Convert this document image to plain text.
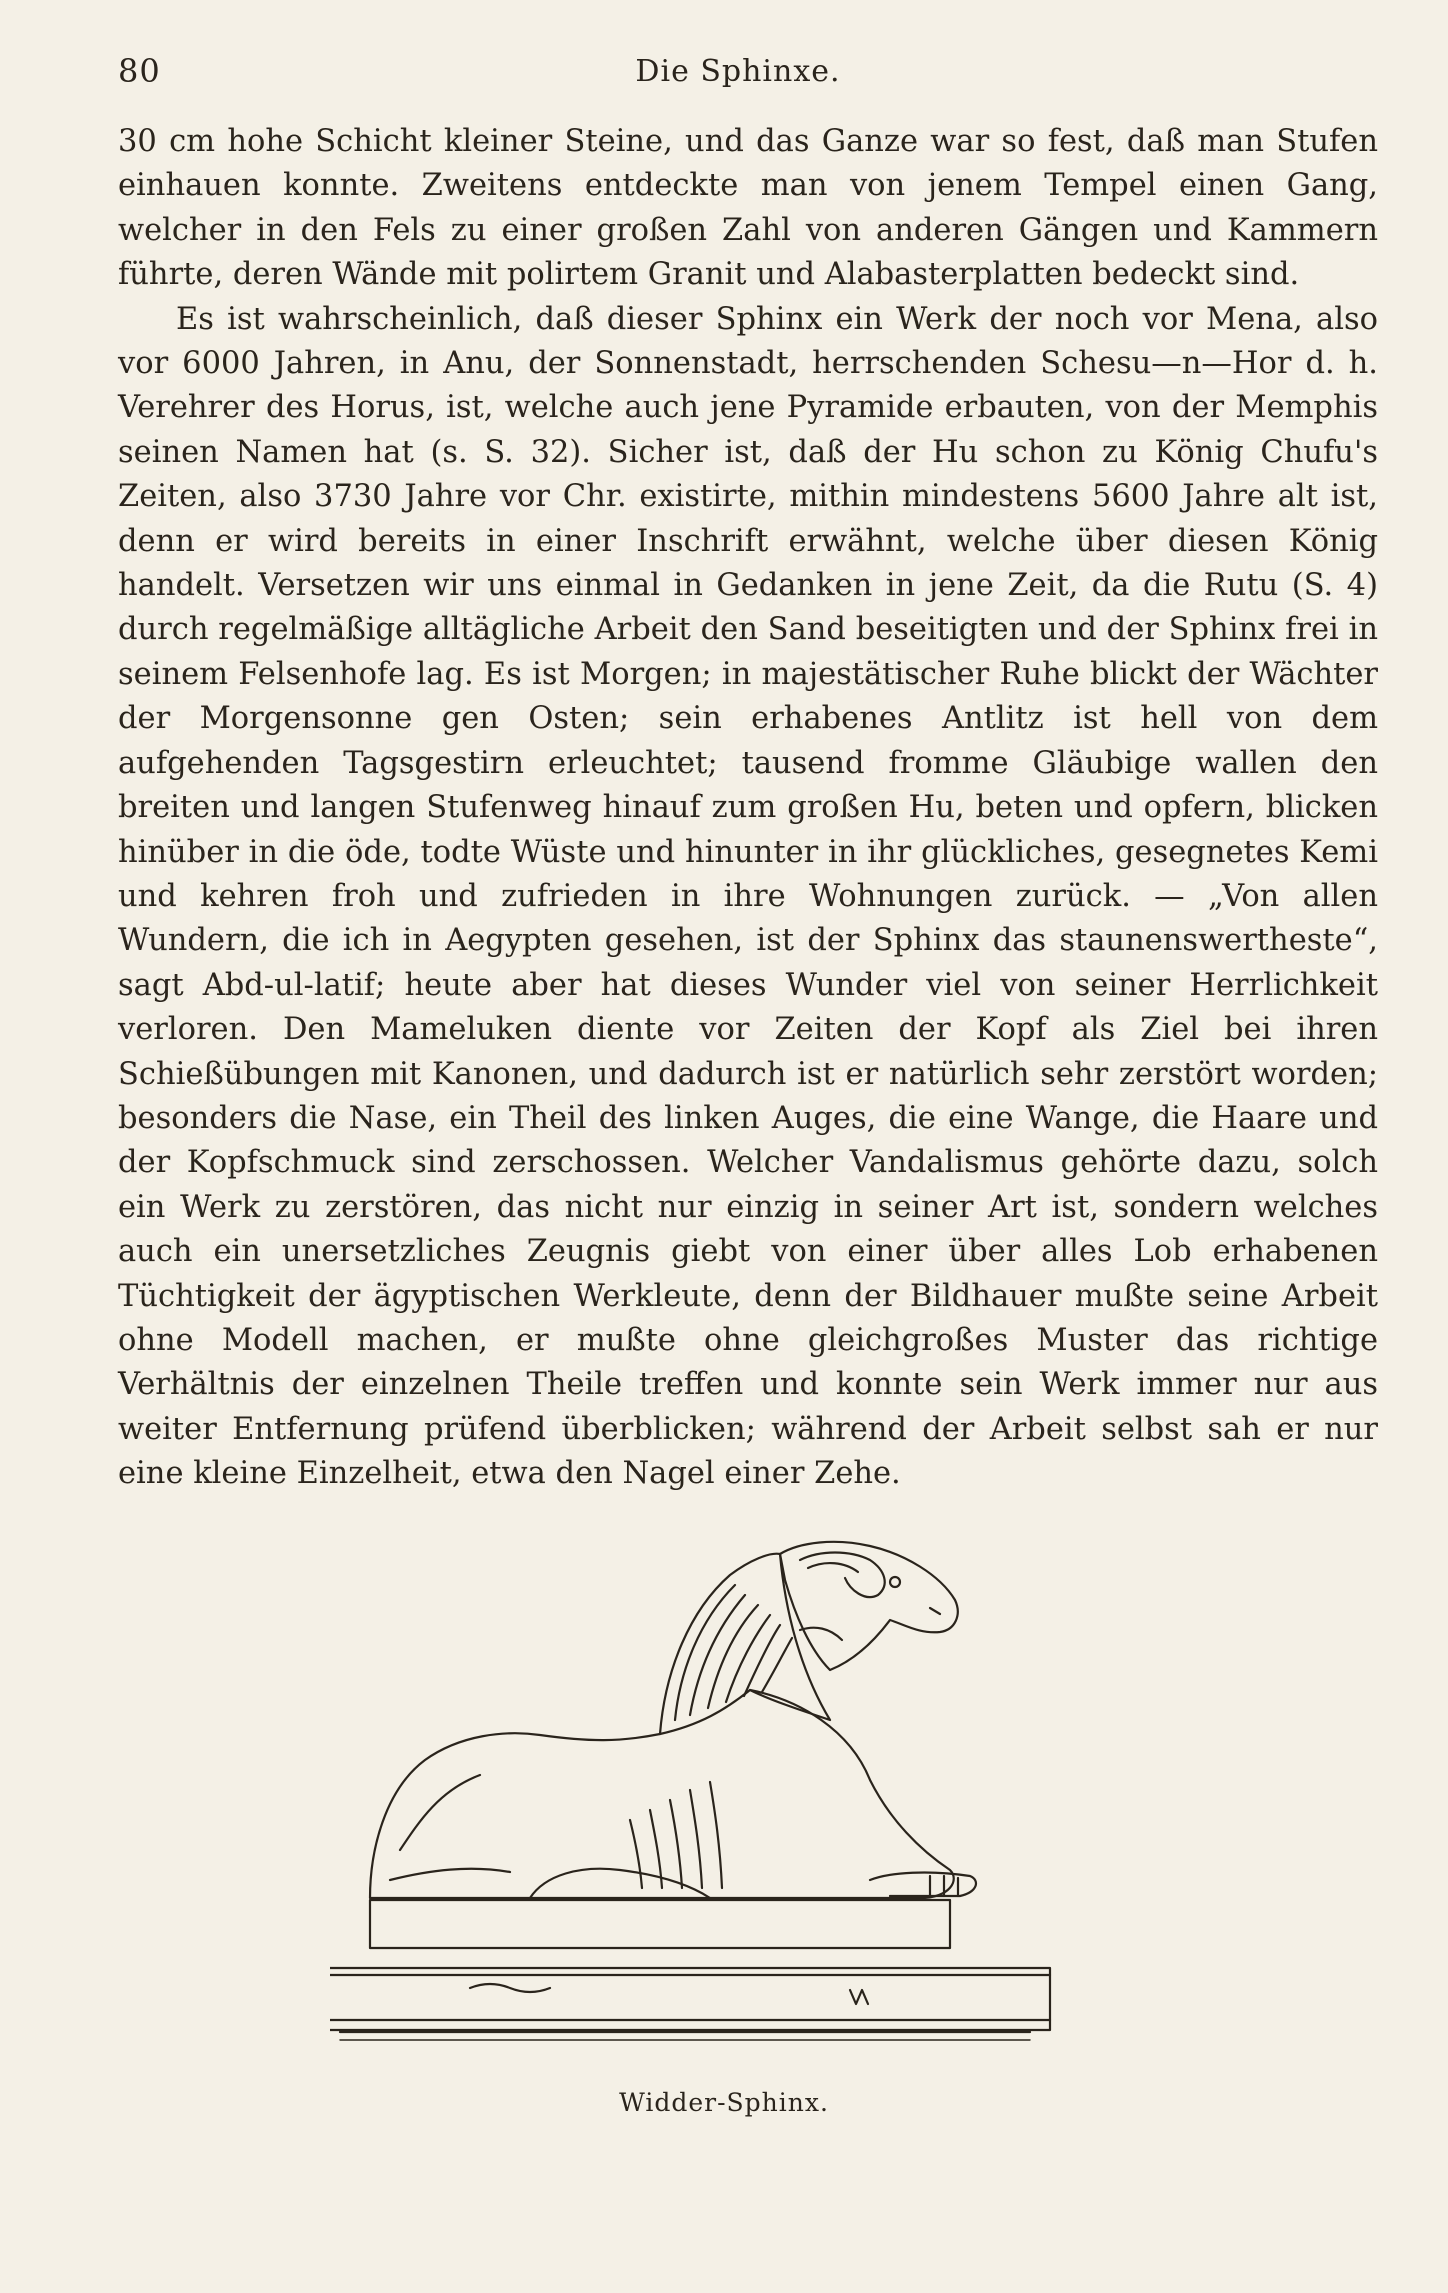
80	Die Sphinxe.

30 cm hohe Schicht kleiner Steine, und das Ganze war so fest, daß man Stufen einhauen konnte. Zweitens entdeckte man von jenem Tempel einen Gang, welcher in den Fels zu einer großen Zahl von anderen Gängen und Kammern führte, deren Wände mit polirtem Granit und Alabasterplatten bedeckt sind.

Es ist wahrscheinlich, daß dieser Sphinx ein Werk der noch vor Mena, also vor 6000 Jahren, in Anu, der Sonnenstadt, herrschenden Schesu—n—Hor d. h. Verehrer des Horus, ist, welche auch jene Pyramide erbauten, von der Memphis seinen Namen hat (s. S. 32). Sicher ist, daß der Hu schon zu König Chufu's Zeiten, also 3730 Jahre vor Chr. existirte, mithin mindestens 5600 Jahre alt ist, denn er wird bereits in einer Inschrift erwähnt, welche über diesen König handelt. Versetzen wir uns einmal in Gedanken in jene Zeit, da die Rutu (S. 4) durch regelmäßige alltägliche Arbeit den Sand beseitigten und der Sphinx frei in seinem Felsenhofe lag. Es ist Morgen; in majestätischer Ruhe blickt der Wächter der Morgensonne gen Osten; sein erhabenes Antlitz ist hell von dem aufgehenden Tagsgestirn erleuchtet; tausend fromme Gläubige wallen den breiten und langen Stufenweg hinauf zum großen Hu, beten und opfern, blicken hinüber in die öde, todte Wüste und hinunter in ihr glückliches, gesegnetes Kemi und kehren froh und zufrieden in ihre Wohnungen zurück. — „Von allen Wundern, die ich in Aegypten gesehen, ist der Sphinx das staunenswertheste“, sagt Abd-ul-latif; heute aber hat dieses Wunder viel von seiner Herrlichkeit verloren. Den Mameluken diente vor Zeiten der Kopf als Ziel bei ihren Schießübungen mit Kanonen, und dadurch ist er natürlich sehr zerstört worden; besonders die Nase, ein Theil des linken Auges, die eine Wange, die Haare und der Kopfschmuck sind zerschossen. Welcher Vandalismus gehörte dazu, solch ein Werk zu zerstören, das nicht nur einzig in seiner Art ist, sondern welches auch ein unersetzliches Zeugnis giebt von einer über alles Lob erhabenen Tüchtigkeit der ägyptischen Werkleute, denn der Bildhauer mußte seine Arbeit ohne Modell machen, er mußte ohne gleichgroßes Muster das richtige Verhältnis der einzelnen Theile treffen und konnte sein Werk immer nur aus weiter Entfernung prüfend überblicken; während der Arbeit selbst sah er nur eine kleine Einzelheit, etwa den Nagel einer Zehe.

Widder-Sphinx.
